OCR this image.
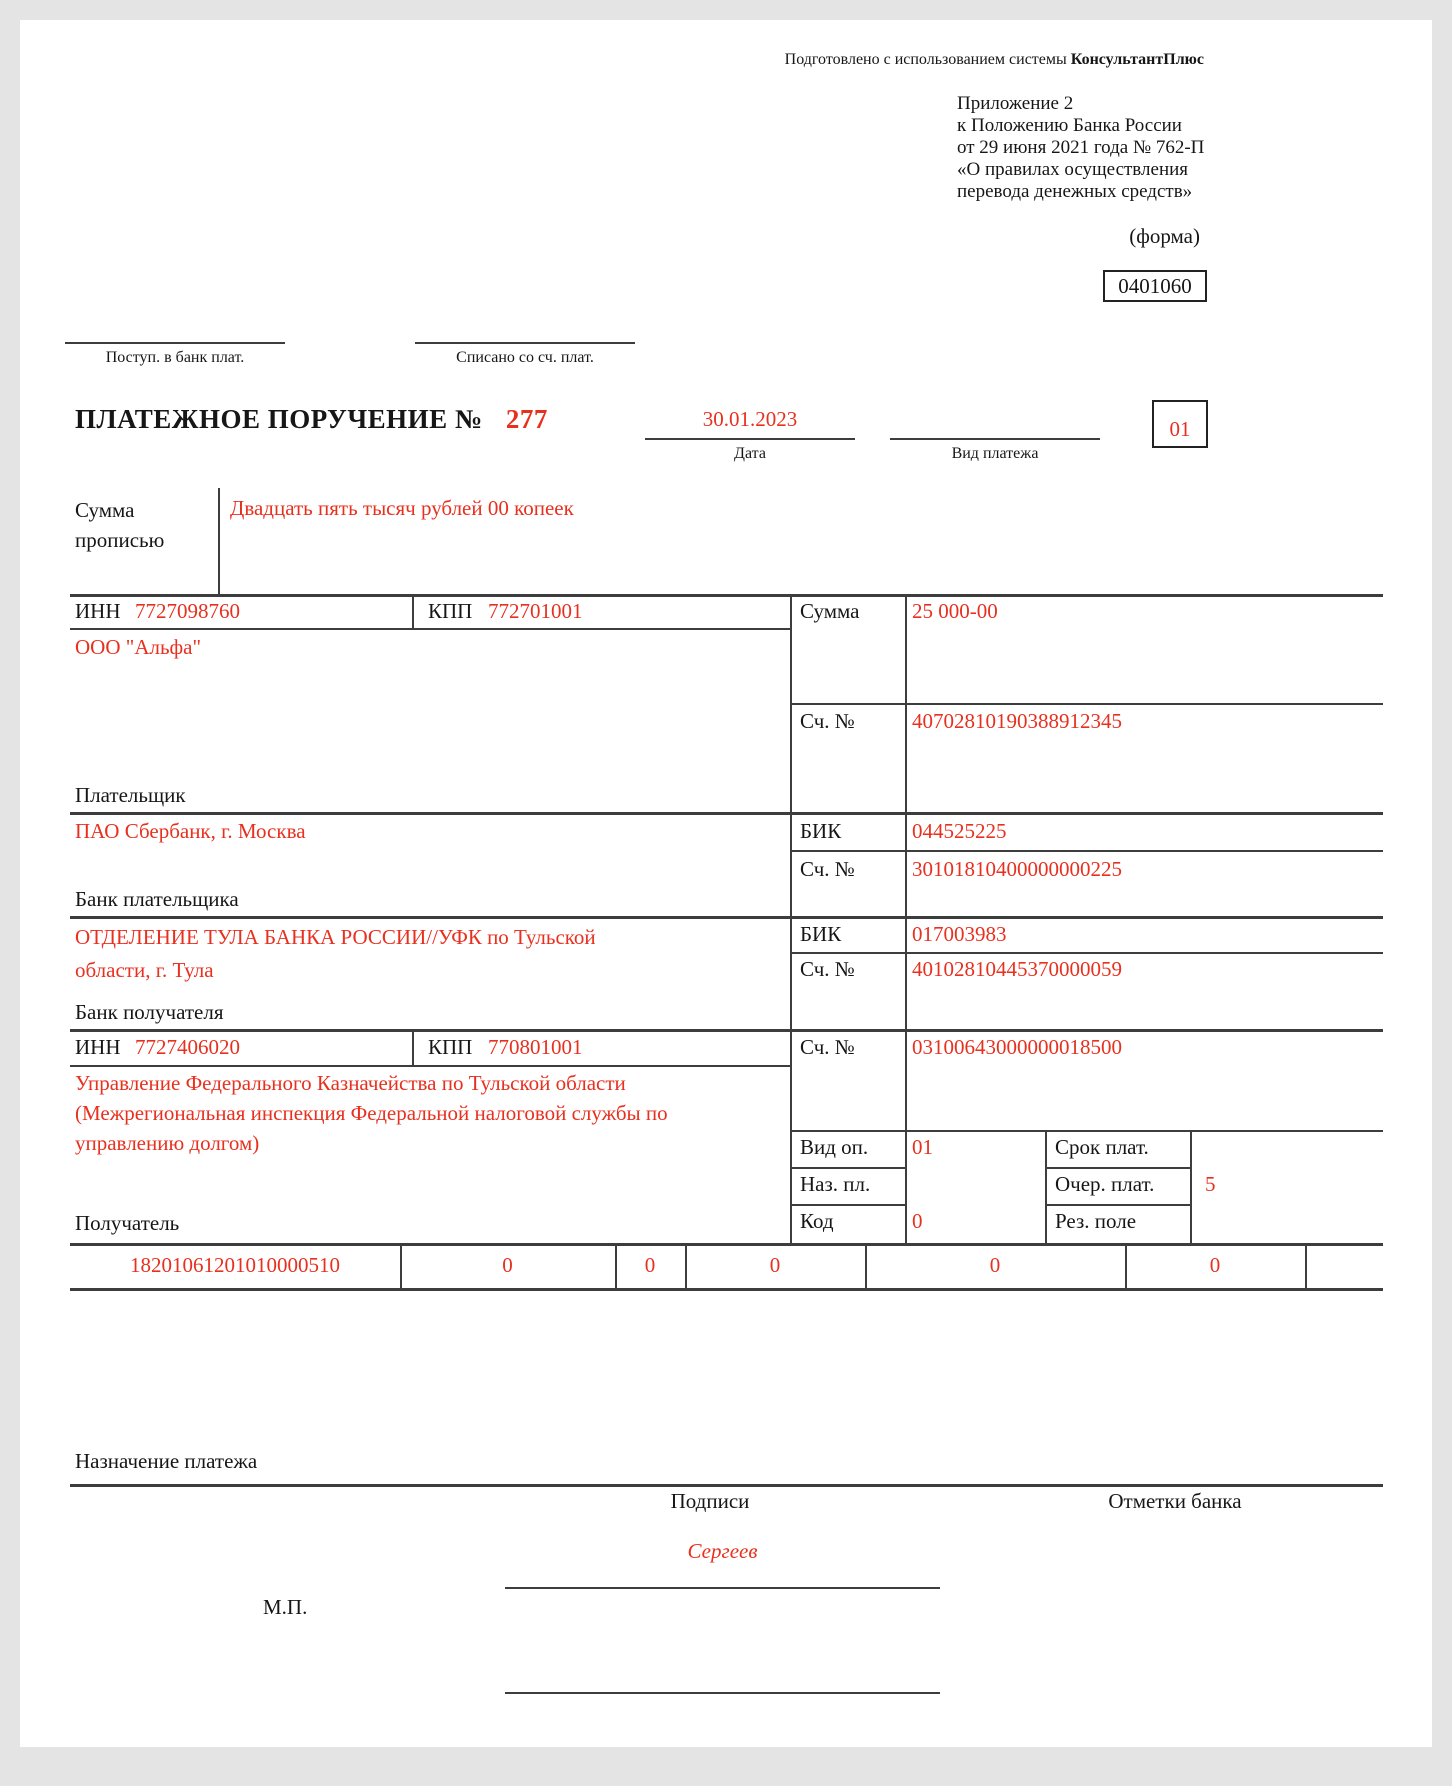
Подготовлено с использованием системы КонсультантПлюс
Приложение 2
к Положению Банка России
от 29 июня 2021 года № 762-П
«О правилах осуществления
перевода денежных средств»
(форма)
0401060
Поступ. в банк плат.	Списано со сч. плат.
ПЛАТЕЖНОЕ ПОРУЧЕНИЕ № 277	30.01.2023
Дата	Вид платежа
01
Сумма
прописью
Двадцать пять тысяч рублей 00 копеек
ИНН 7727098760	КПП 772701001	Сумма	25 000-00
ООО "Альфа"
Сч. №	40702810190388912345
Плательщик
ПАО Сбербанк, г. Москва	БИК	044525225
Сч. №	30101810400000000225
Банк плательщика
ОТДЕЛЕНИЕ ТУЛА БАНКА РОССИИ//УФК по Тульской области, г. Тула
БИК	017003983
Сч. №	40102810445370000059
Банк получателя
ИНН 7727406020	КПП 770801001	Сч. №	03100643000000018500
Управление Федерального Казначейства по Тульской области (Межрегиональная инспекция Федеральной налоговой службы по управлению долгом)
Получатель
Вид оп. 01	Срок плат.
Наз. пл.	Очер. плат. 5
Код	0	Рез. поле
18201061201010000510	0	0	0	0	0
Назначение платежа
Подписи	Отметки банка
Сергеев
М.П.
